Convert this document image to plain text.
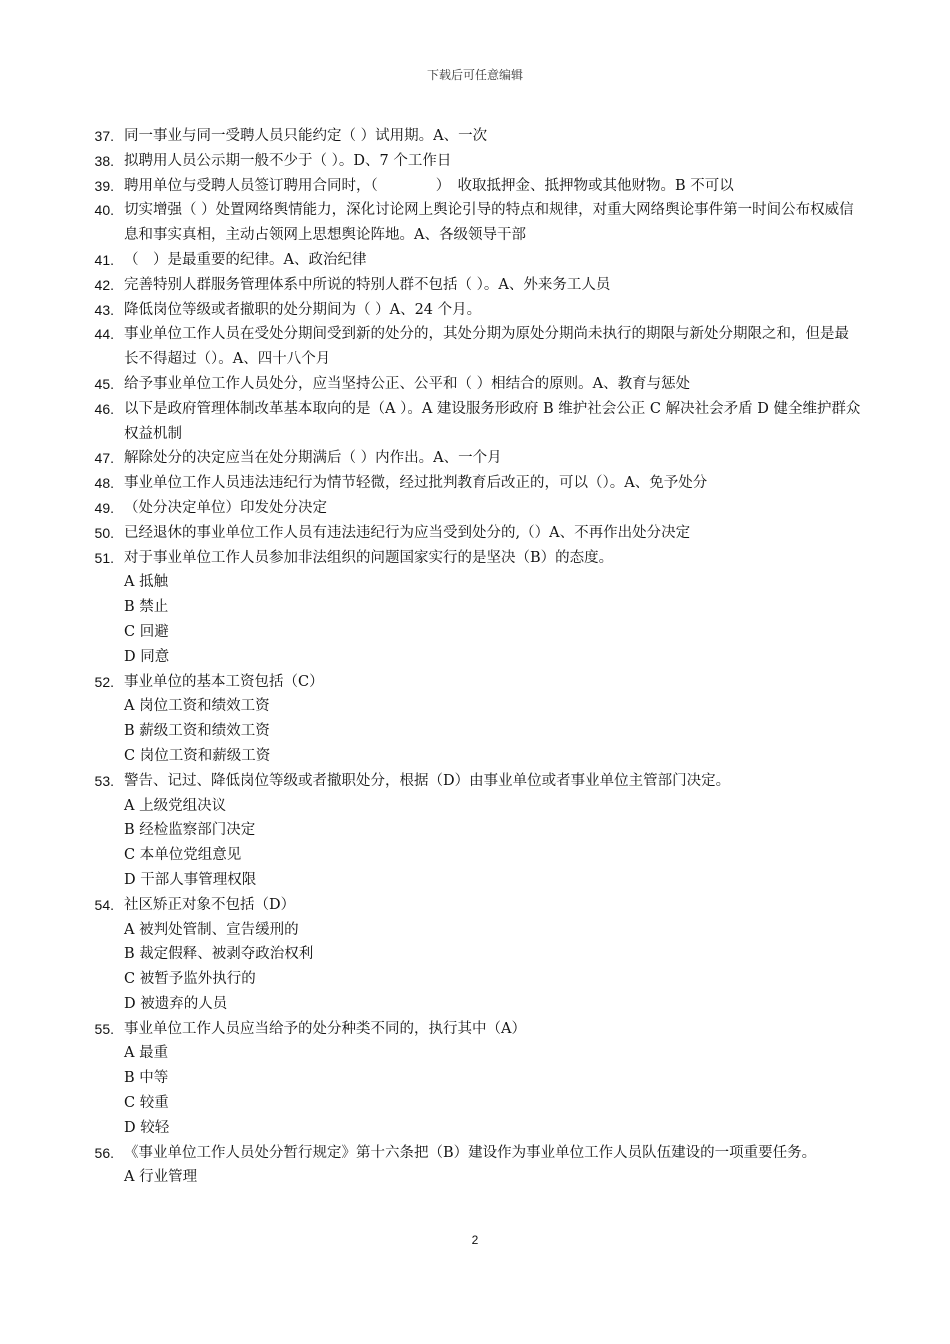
下载后可任意编辑
37. 同一事业与同一受聘人员只能约定（ ）试用期。A、一次
38. 拟聘用人员公示期一般不少于（ ）。D、7 个工作日
39. 聘用单位与受聘人员签订聘用合同时，（　　　　）　收取抵押金、抵押物或其他财物。B 不可以
40. 切实增强（ ）处置网络舆情能力，深化讨论网上舆论引导的特点和规律，对重大网络舆论事件第一时间公布权威信息和事实真相，主动占领网上思想舆论阵地。A、各级领导干部
41. （　）是最重要的纪律。A、政治纪律
42. 完善特别人群服务管理体系中所说的特别人群不包括（ ）。A、外来务工人员
43. 降低岗位等级或者撤职的处分期间为（ ）A、24 个月。
44. 事业单位工作人员在受处分期间受到新的处分的，其处分期为原处分期尚未执行的期限与新处分期限之和，但是最长不得超过（）。A、四十八个月
45. 给予事业单位工作人员处分，应当坚持公正、公平和（ ）相结合的原则。A、教育与惩处
46. 以下是政府管理体制改革基本取向的是（A ）。A 建设服务形政府 B 维护社会公正 C 解决社会矛盾 D 健全维护群众权益机制
47. 解除处分的决定应当在处分期满后（ ）内作出。A、一个月
48. 事业单位工作人员违法违纪行为情节轻微，经过批判教育后改正的，可以（）。A、免予处分
49. （处分决定单位）印发处分决定
50. 已经退休的事业单位工作人员有违法违纪行为应当受到处分的,（）A、不再作出处分决定
51. 对于事业单位工作人员参加非法组织的问题国家实行的是坚决（B）的态度。
A 抵触
B 禁止
C 回避
D 同意
52. 事业单位的基本工资包括（C）
A 岗位工资和绩效工资
B 薪级工资和绩效工资
C 岗位工资和薪级工资
53. 警告、记过、降低岗位等级或者撤职处分，根据（D）由事业单位或者事业单位主管部门决定。
A 上级党组决议
B 经检监察部门决定
C 本单位党组意见
D 干部人事管理权限
54. 社区矫正对象不包括（D）
A 被判处管制、宣告缓刑的
B 裁定假释、被剥夺政治权利
C 被暂予监外执行的
D 被遗弃的人员
55. 事业单位工作人员应当给予的处分种类不同的，执行其中（A）
A 最重
B 中等
C 较重
D 较轻
56. 《事业单位工作人员处分暂行规定》第十六条把（B）建设作为事业单位工作人员队伍建设的一项重要任务。
A 行业管理
2
